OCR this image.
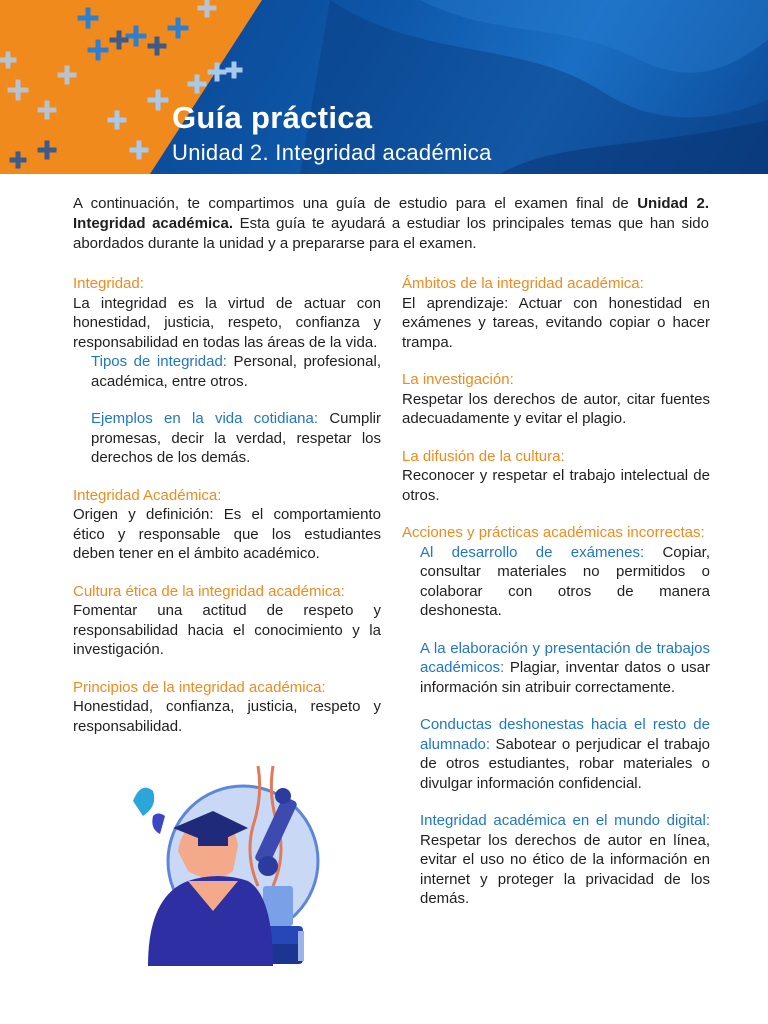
Guía práctica
Unidad 2. Integridad académica
A continuación, te compartimos una guía de estudio para el examen final de Unidad 2. Integridad académica. Esta guía te ayudará a estudiar los principales temas que han sido abordados durante la unidad y a prepararse para el examen.
Integridad:

La integridad es la virtud de actuar con honestidad, justicia, respeto, confianza y responsabilidad en todas las áreas de la vida.

Tipos de integridad: Personal, profesional, académica, entre otros.

Ejemplos en la vida cotidiana: Cumplir promesas, decir la verdad, respetar los derechos de los demás.

Integridad Académica:

Origen y definición: Es el comportamiento ético y responsable que los estudiantes deben tener en el ámbito académico.

Cultura ética de la integridad académica:

Fomentar una actitud de respeto y responsabilidad hacia el conocimiento y la investigación.

Principios de la integridad académica:

Honestidad, confianza, justicia, respeto y responsabilidad.

Ámbitos de la integridad académica:

El aprendizaje: Actuar con honestidad en exámenes y tareas, evitando copiar o hacer trampa.

La investigación:

Respetar los derechos de autor, citar fuentes adecuadamente y evitar el plagio.

La difusión de la cultura:

Reconocer y respetar el trabajo intelectual de otros.

Acciones y prácticas académicas incorrectas:

Al desarrollo de exámenes: Copiar, consultar materiales no permitidos o colaborar con otros de manera deshonesta.

A la elaboración y presentación de trabajos académicos: Plagiar, inventar datos o usar información sin atribuir correctamente.

Conductas deshonestas hacia el resto de alumnado: Sabotear o perjudicar el trabajo de otros estudiantes, robar materiales o divulgar información confidencial.

Integridad académica en el mundo digital: Respetar los derechos de autor en línea, evitar el uso no ético de la información en internet y proteger la privacidad de los demás.
